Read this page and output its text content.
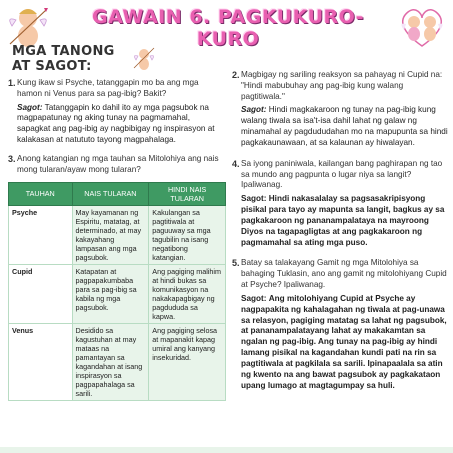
GAWAIN 6. PAGKUKURO-KURO
MGA TANONG AT SAGOT:
1. Kung ikaw si Psyche, tatanggapin mo ba ang mga hamon ni Venus para sa pag-ibig? Bakit?
Sagot: Tatanggapin ko dahil ito ay mga pagsubok na magpapatunay ng aking tunay na pagmamahal, sapagkat ang pag-ibig ay nagbibigay ng inspirasyon at kalakasan at natututo tayong magpahalaga.
3. Anong katangian ng mga tauhan sa Mitolohiya ang nais mong tularan/ayaw mong tularan?
TAUHAN	NAIS TULARAN	HINDI NAIS TULARAN
Psyche	May kayamanan ng Espiritu, matatag, at determinado, at may kakayahang lampasan ang mga pagsubok.	Kakulangan sa pagtitiwala at paguuway sa mga tagubilin na isang negatibong katangian.
Cupid	Katapatan at pagpapakumbaba para sa pag-ibig sa kabila ng mga pagsubok.	Ang pagiging malihim at hindi bukas sa komunikasyon na nakakapagbigay ng pagdududa sa kapwa.
Venus	Desidido sa kagustuhan at may mataas na pamantayan sa kagandahan at isang inspirasyon sa pagpapahalaga sa sarili.	Ang pagiging selosa at mapanakit kapag umiral ang kanyang insekuridad.
2. Magbigay ng sariling reaksyon sa pahayag ni Cupid na: "Hindi mabubuhay ang pag-ibig kung walang pagtitiwala."
Sagot: Hindi magkakaroon ng tunay na pag-ibig kung walang tiwala sa isa't-isa dahil lahat ng galaw ng minamahal ay pagdududahan mo na mapupunta sa hindi pagkakaunawaan, at sa kalaunan ay hiwalayan.
4. Sa iyong paniniwala, kailangan bang paghirapan ng tao sa mundo ang pagpunta o lugar niya sa langit? Ipaliwanag.
Sagot: Hindi nakasalalay sa pagsasakripisyong pisikal para tayo ay mapunta sa langit, bagkus ay sa pagkakaroon ng pananampalataya na mayroong Diyos na tagapagligtas at ang pagkakaroon ng pagmamahal sa ating mga puso.
5. Batay sa talakayang Gamit ng mga Mitolohiya sa bahaging Tuklasin, ano ang gamit ng mitolohiyang Cupid at Psyche? Ipaliwanag.
Sagot: Ang mitolohiyang Cupid at Psyche ay nagpapakita ng kahalagahan ng tiwala at pag-unawa sa relasyon, pagiging matatag sa lahat ng pagsubok, at pananampalatayang lahat ay makakamtan sa ngalan ng pag-ibig. Ang tunay na pag-ibig ay hindi lamang pisikal na kagandahan kundi pati na rin sa pagtitiwala at pagkilala sa sarili. Ipinapaalala sa atin ng kwento na ang bawat pagsubok ay pagkakataon upang lumago at magtagumpay sa huli.
